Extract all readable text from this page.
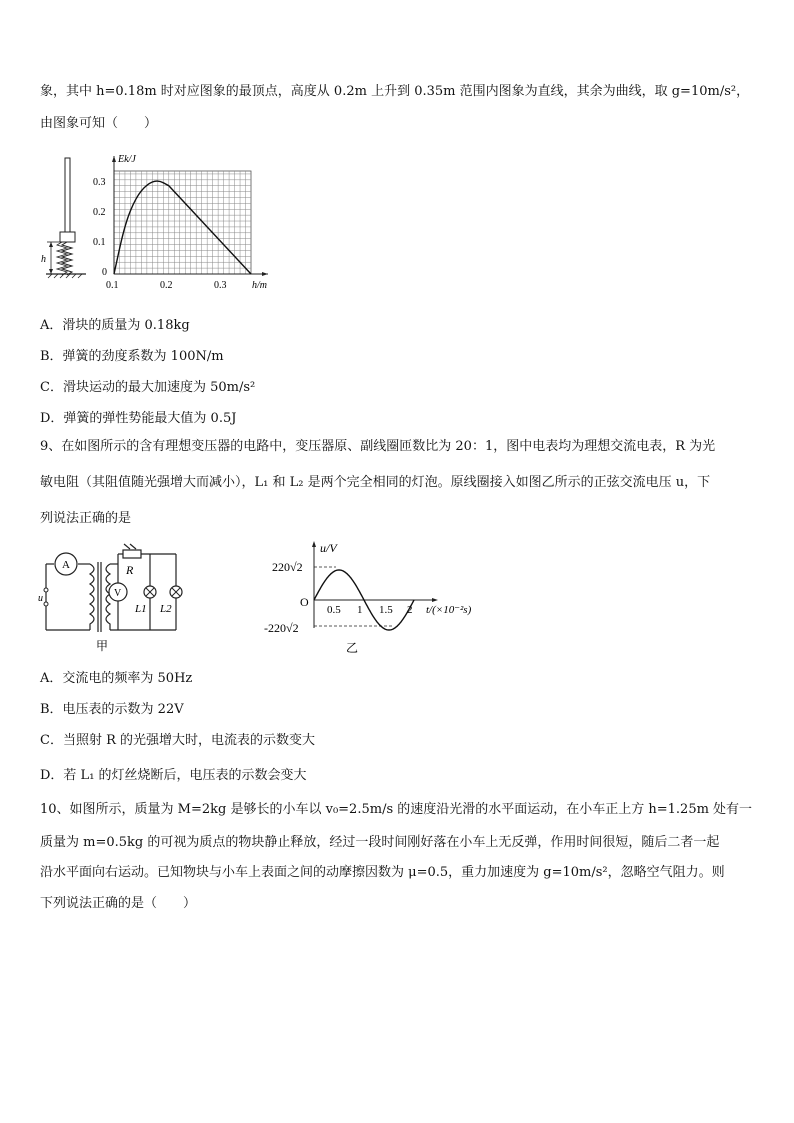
象，其中 h=0.18m 时对应图象的最顶点，高度从 0.2m 上升到 0.35m 范围内图象为直线，其余为曲线，取 g=10m/s²，
由图象可知（　　）
h
Ek/J
h/m
0.3
0.2
0.1
0
0.1	0.2	0.3
A．滑块的质量为 0.18kg
B．弹簧的劲度系数为 100N/m
C．滑块运动的最大加速度为 50m/s²
D．弹簧的弹性势能最大值为 0.5J
9、在如图所示的含有理想变压器的电路中，变压器原、副线圈匝数比为 20：1，图中电表均为理想交流电表，R 为光
敏电阻（其阻值随光强增大而减小），L₁ 和 L₂ 是两个完全相同的灯泡。原线圈接入如图乙所示的正弦交流电压 u，下
列说法正确的是
u
A
V
R
L1 L2
甲
u/V
220√2
-220√2
O
0.5 1 1.5 2 t/(×10⁻²s)
乙
A．交流电的频率为 50Hz
B．电压表的示数为 22V
C．当照射 R 的光强增大时，电流表的示数变大
D．若 L₁ 的灯丝烧断后，电压表的示数会变大
10、如图所示，质量为 M=2kg 是够长的小车以 v₀=2.5m/s 的速度沿光滑的水平面运动，在小车正上方 h=1.25m 处有一
质量为 m=0.5kg 的可视为质点的物块静止释放，经过一段时间刚好落在小车上无反弹，作用时间很短，随后二者一起
沿水平面向右运动。已知物块与小车上表面之间的动摩擦因数为 μ=0.5，重力加速度为 g=10m/s²，忽略空气阻力。则
下列说法正确的是（　　）
